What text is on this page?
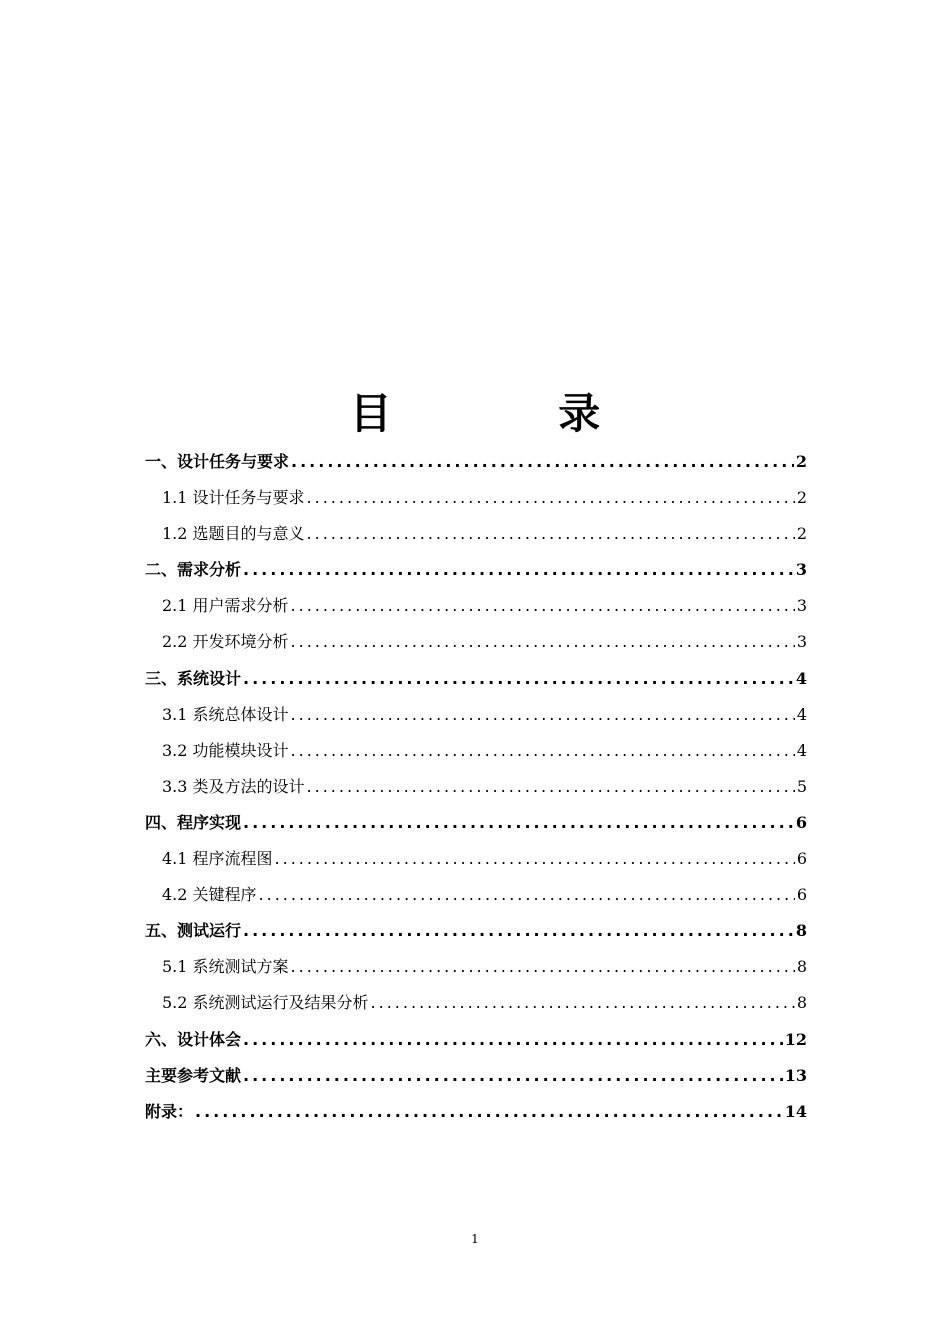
目 录
一、设计任务与要求 .....	2
1.1 设计任务与要求 .....	2
1.2 选题目的与意义 .....	2
二、需求分析 .....	3
2.1 用户需求分析 .....	3
2.2 开发环境分析 .....	3
三、系统设计 .....	4
3.1 系统总体设计 .....	4
3.2 功能模块设计 .....	4
3.3 类及方法的设计 .....	5
四、程序实现 .....	6
4.1 程序流程图 .....	6
4.2 关键程序 .....	6
五、测试运行 .....	8
5.1 系统测试方案 .....	8
5.2 系统测试运行及结果分析 .....	8
六、设计体会 .....	12
主要参考文献 .....	13
附录： .....	14
1
